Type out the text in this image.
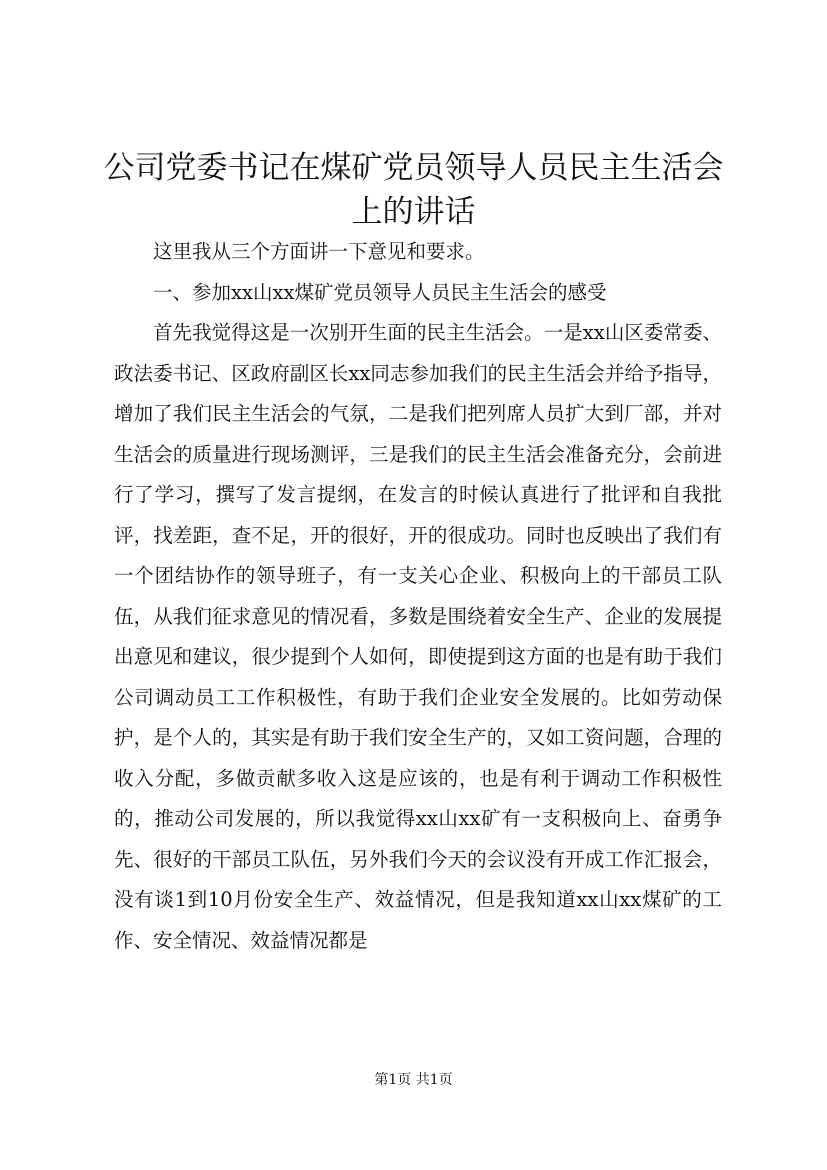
公司党委书记在煤矿党员领导人员民主生活会上的讲话

这里我从三个方面讲一下意见和要求。

一、参加xx山xx煤矿党员领导人员民主生活会的感受

首先我觉得这是一次别开生面的民主生活会。一是xx山区委常委、政法委书记、区政府副区长xx同志参加我们的民主生活会并给予指导，增加了我们民主生活会的气氛，二是我们把列席人员扩大到厂部，并对生活会的质量进行现场测评，三是我们的民主生活会准备充分，会前进行了学习，撰写了发言提纲，在发言的时候认真进行了批评和自我批评，找差距，查不足，开的很好，开的很成功。同时也反映出了我们有一个团结协作的领导班子，有一支关心企业、积极向上的干部员工队伍，从我们征求意见的情况看，多数是围绕着安全生产、企业的发展提出意见和建议，很少提到个人如何，即使提到这方面的也是有助于我们公司调动员工工作积极性，有助于我们企业安全发展的。比如劳动保护，是个人的，其实是有助于我们安全生产的，又如工资问题，合理的收入分配，多做贡献多收入这是应该的，也是有利于调动工作积极性的，推动公司发展的，所以我觉得xx山xx矿有一支积极向上、奋勇争先、很好的干部员工队伍，另外我们今天的会议没有开成工作汇报会，没有谈1到10月份安全生产、效益情况，但是我知道xx山xx煤矿的工作、安全情况、效益情况都是

第1页 共1页
